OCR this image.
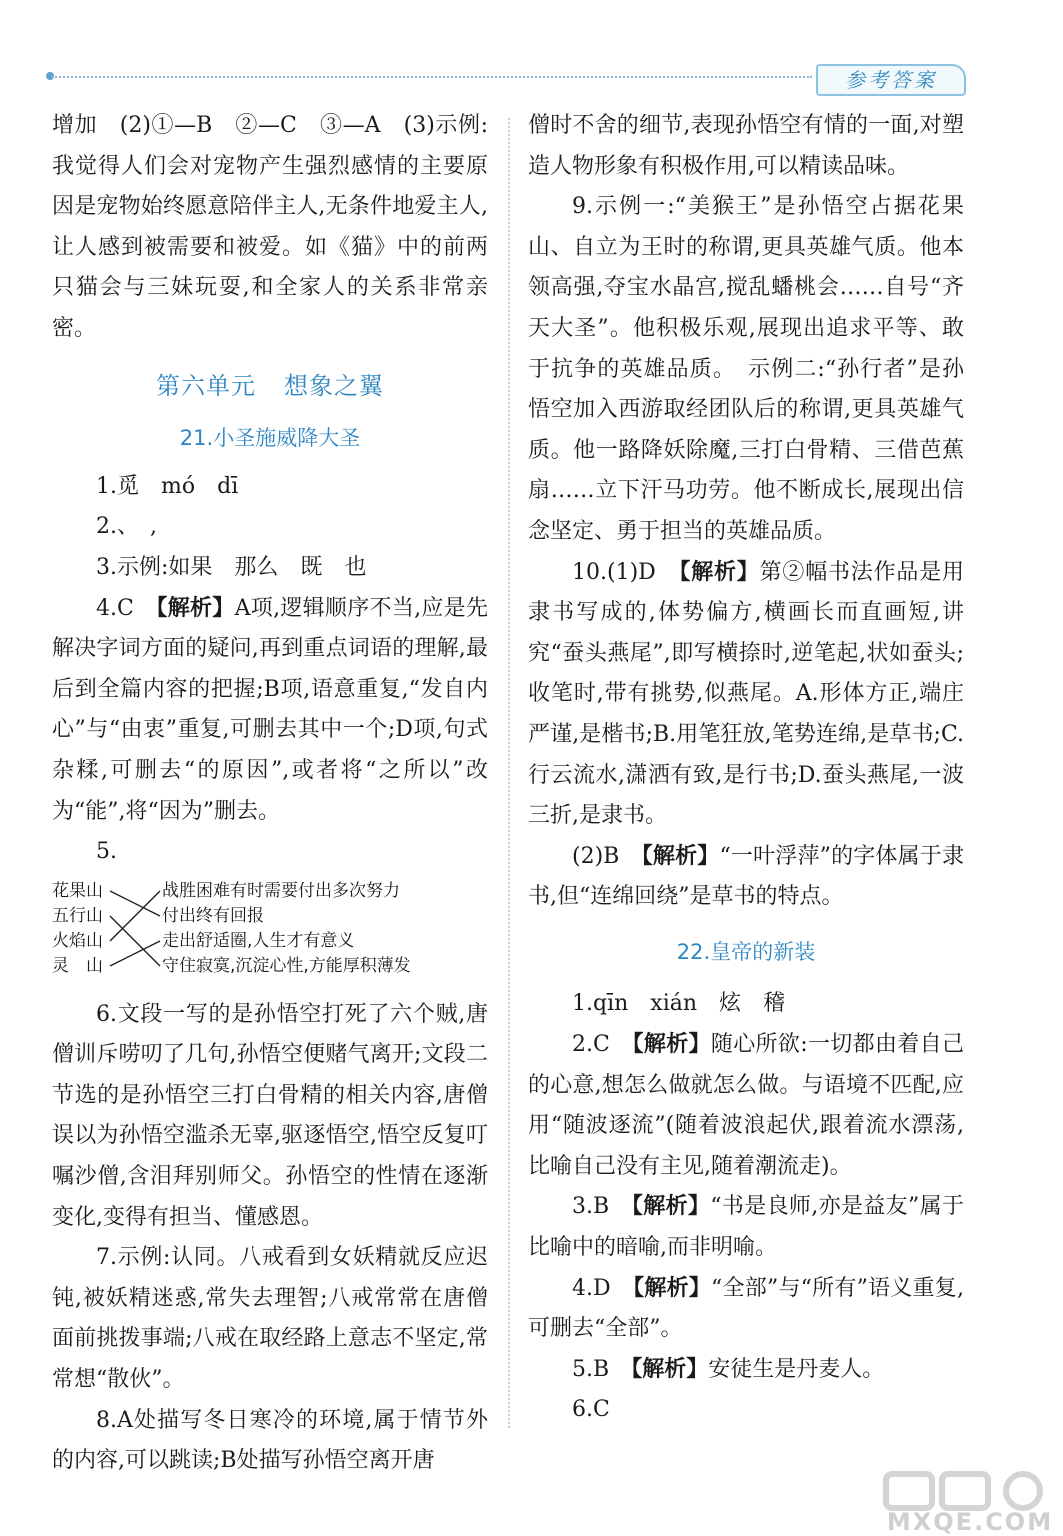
参考答案

增加　(2)①—B　②—C　③—A　(3)示例:我觉得人们会对宠物产生强烈感情的主要原因是宠物始终愿意陪伴主人,无条件地爱主人,让人感到被需要和被爱。如《猫》中的前两只猫会与三妹玩耍,和全家人的关系非常亲密。

第六单元 想象之翼
21.小圣施威降大圣

1.觅 mó dī

2.、　,

3.示例:如果 那么 既 也

4.C　 【解析】A项,逻辑顺序不当,应是先解决字词方面的疑问,再到重点词语的理解,最后到全篇内容的把握;B项,语意重复,“发自内心”与“由衷”重复,可删去其中一个;D项,句式杂糅,可删去“的原因”,或者将“之所以”改为“能”,将“因为”删去。

5.

花果山
五行山
火焰山
灵　山
战胜困难有时需要付出多次努力
付出终有回报
走出舒适圈,人生才有意义
守住寂寞,沉淀心性,方能厚积薄发

6.文段一写的是孙悟空打死了六个贼,唐僧训斥唠叨了几句,孙悟空便赌气离开;文段二节选的是孙悟空三打白骨精的相关内容,唐僧误以为孙悟空滥杀无辜,驱逐悟空,悟空反复叮嘱沙僧,含泪拜别师父。孙悟空的性情在逐渐变化,变得有担当、懂感恩。

7.示例:认同。八戒看到女妖精就反应迟钝,被妖精迷惑,常失去理智;八戒常常在唐僧面前挑拨事端;八戒在取经路上意志不坚定,常常想“散伙”。

8.A处描写冬日寒冷的环境,属于情节外的内容,可以跳读;B处描写孙悟空离开唐

僧时不舍的细节,表现孙悟空有情的一面,对塑造人物形象有积极作用,可以精读品味。

9.示例一:“美猴王”是孙悟空占据花果山、自立为王时的称谓,更具英雄气质。他本领高强,夺宝水晶宫,搅乱蟠桃会……自号“齐天大圣”。他积极乐观,展现出追求平等、敢于抗争的英雄品质。　示例二:“孙行者”是孙悟空加入西游取经团队后的称谓,更具英雄气质。他一路降妖除魔,三打白骨精、三借芭蕉扇……立下汗马功劳。他不断成长,展现出信念坚定、勇于担当的英雄品质。

10.(1)D　 【解析】第②幅书法作品是用隶书写成的,体势偏方,横画长而直画短,讲究“蚕头燕尾”,即写横捺时,逆笔起,状如蚕头;收笔时,带有挑势,似燕尾。A.形体方正,端庄严谨,是楷书;B.用笔狂放,笔势连绵,是草书;C.行云流水,潇洒有致,是行书;D.蚕头燕尾,一波三折,是隶书。

(2)B　 【解析】“一叶浮萍”的字体属于隶书,但“连绵回绕”是草书的特点。

22.皇帝的新装

1.qīn xián 炫 稽

2.C　 【解析】随心所欲:一切都由着自己的心意,想怎么做就怎么做。与语境不匹配,应用“随波逐流”(随着波浪起伏,跟着流水漂荡,比喻自己没有主见,随着潮流走)。

3.B　 【解析】“书是良师,亦是益友”属于比喻中的暗喻,而非明喻。

4.D　 【解析】“全部”与“所有”语义重复,可删去“全部”。

5.B　 【解析】安徒生是丹麦人。

6.C

MXQE.COM
